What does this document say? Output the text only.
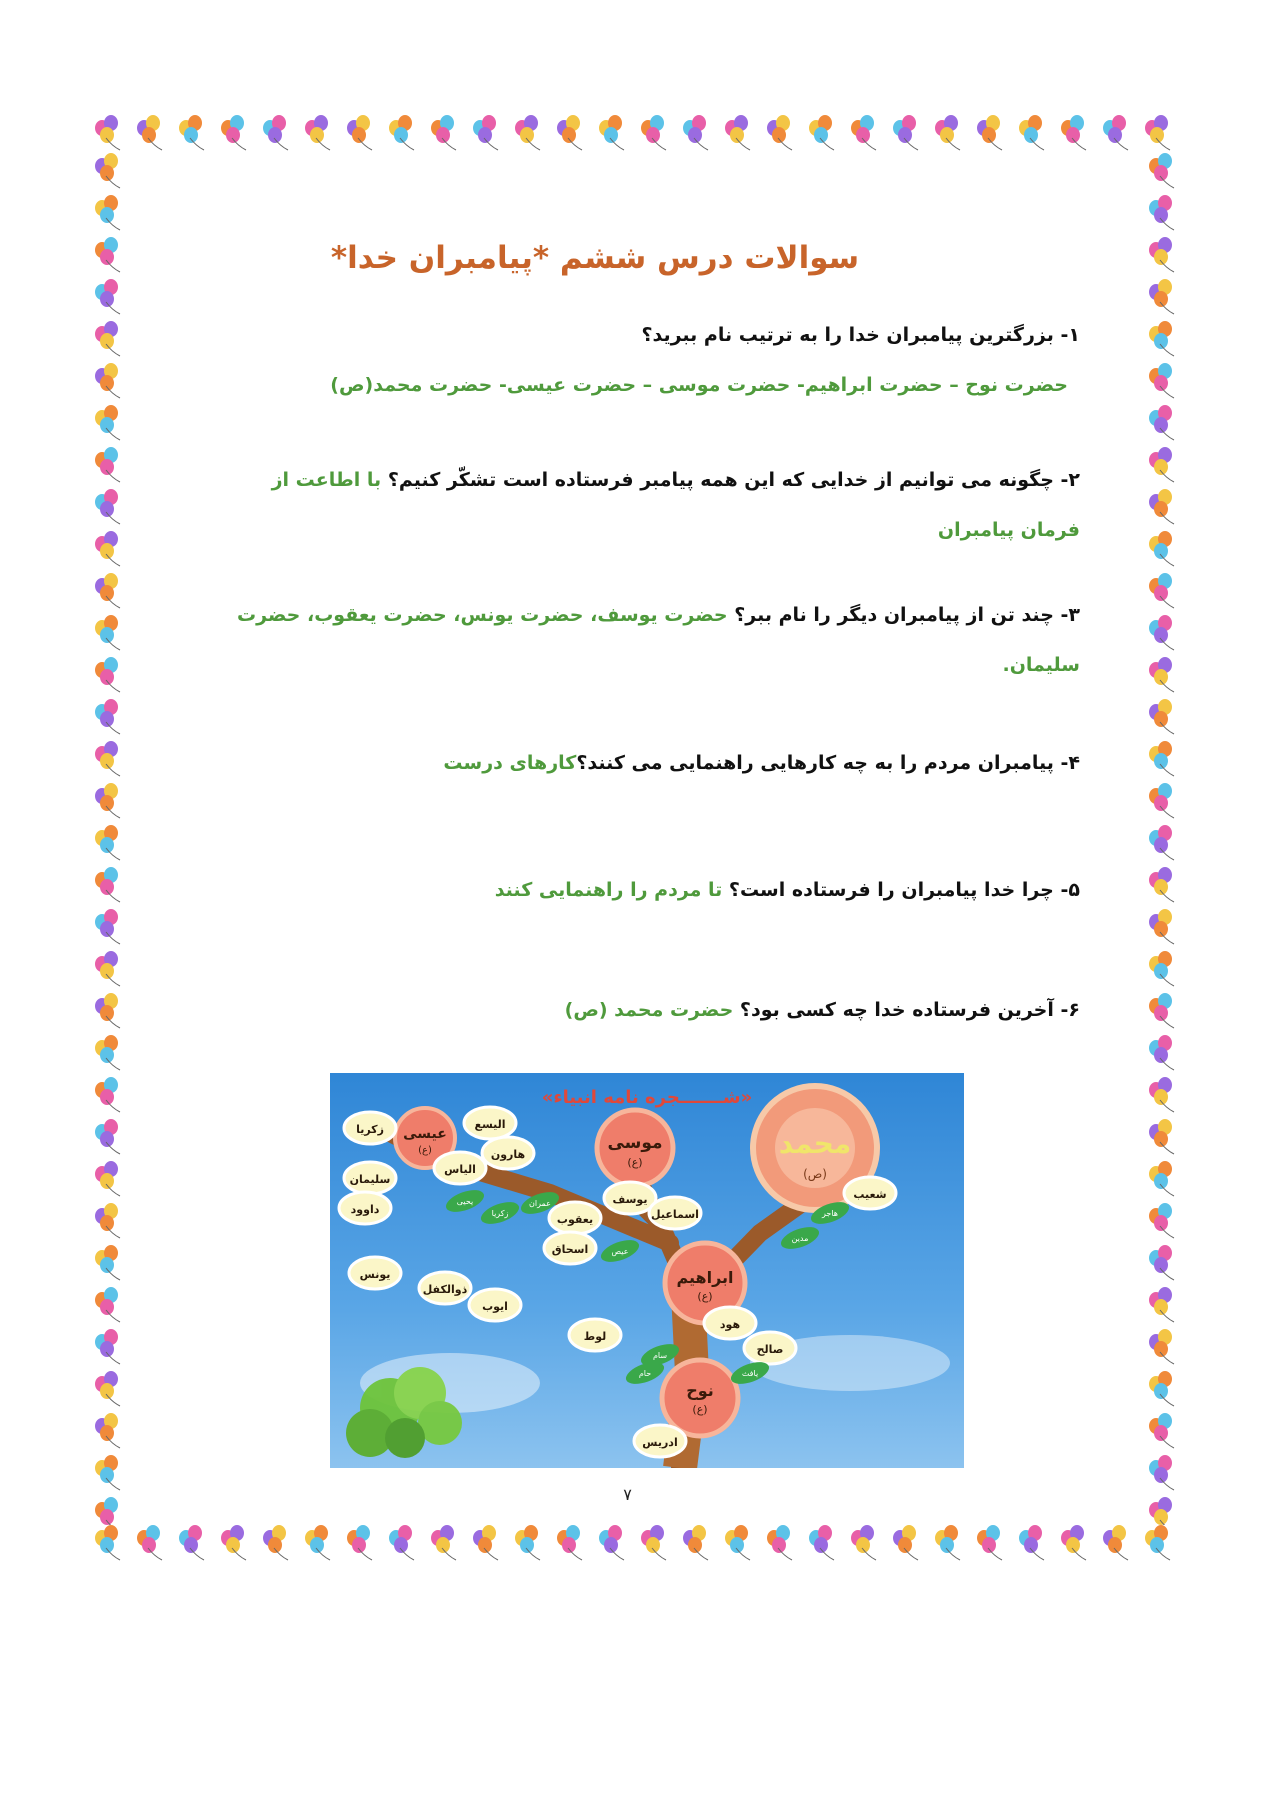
سوالات درس ششم *پیامبران خدا*
۱- بزرگترین پیامبران خدا را به ترتیب نام ببرید؟
حضرت نوح – حضرت ابراهیم- حضرت موسی – حضرت عیسی- حضرت محمد(ص)
۲- چگونه می توانیم از خدایی که این همه پیامبر فرستاده است تشکّر کنیم؟ با اطاعت از فرمان پیامبران
۳- چند تن از پیامبران دیگر را نام ببر؟ حضرت یوسف، حضرت یونس، حضرت یعقوب، حضرت سلیمان.
۴- پیامبران مردم را به چه کارهایی راهنمایی می کنند؟کارهای درست
۵- چرا خدا پیامبران را فرستاده است؟ تا مردم را راهنمایی کنند
۶- آخرین فرستاده خدا چه کسی بود؟ حضرت محمد (ص)
محمد
(ص)
موسی
(ع)
عیسی
(ع)
ابراهیم
(ع)
نوح
(ع)
زکریا	الیسع
هارون
الیاس
سلیمان
داوود
یوسف
اسماعیل
شعیب
یعقوب
اسحاق
یونس
ذوالکفل
ایوب
هود
لوط
صالح
ادریس
یحیی
زکریا
عمران
عیص
حام
سام
یافث
مدین
هاجر
«شـــــــجره نامه انبیاء»
۷
